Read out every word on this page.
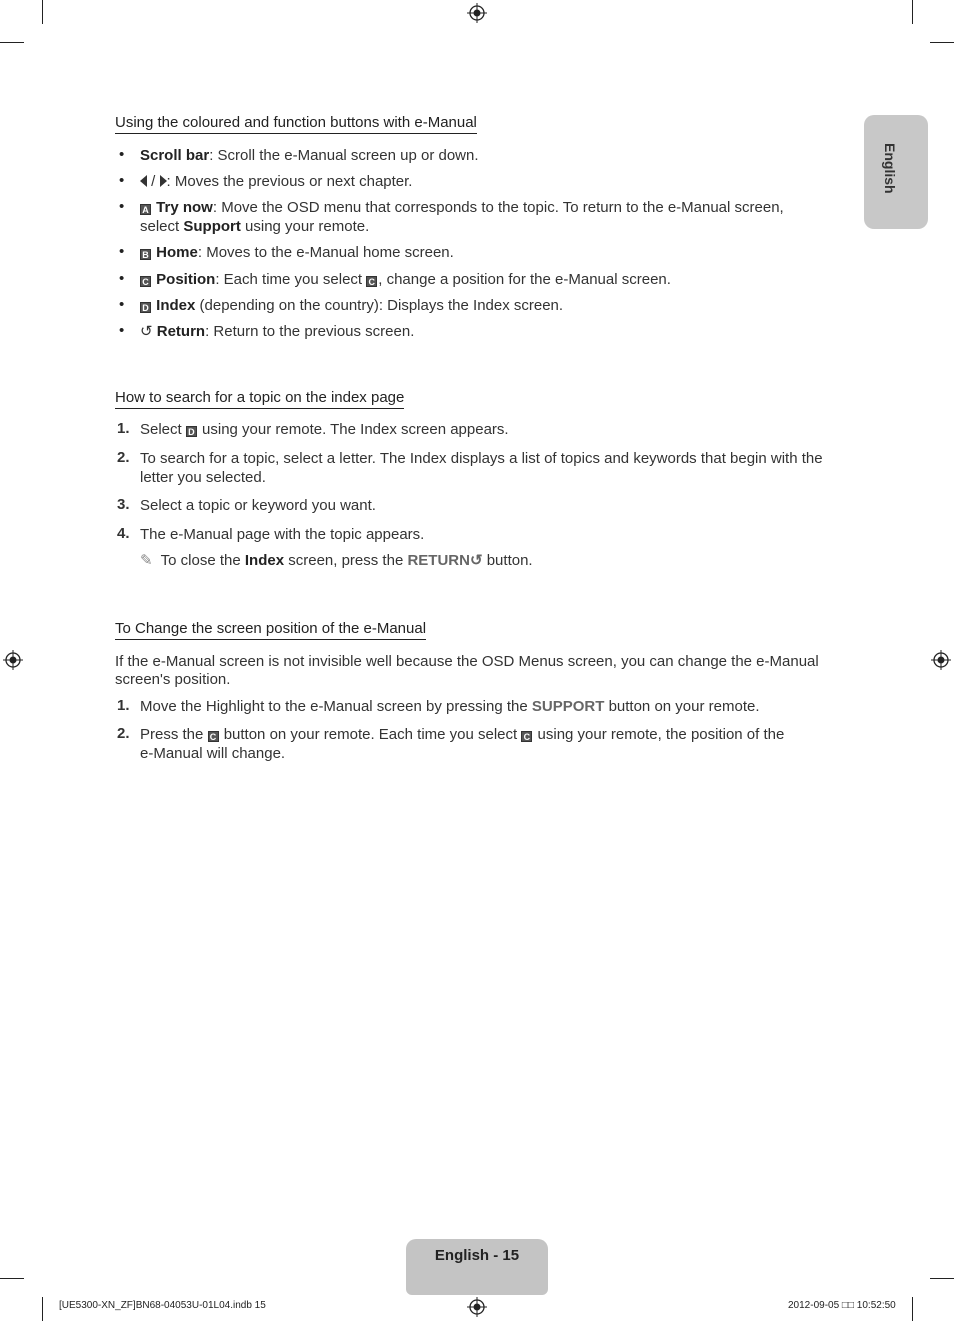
English
Using the coloured and function buttons with e-Manual
• Scroll bar: Scroll the e-Manual screen up or down.
•	/ : Moves the previous or next chapter.
• A Try now: Move the OSD menu that corresponds to the topic. To return to the e-Manual screen,
select Support using your remote.
• B Home: Moves to the e-Manual home screen.
• C Position: Each time you select C , change a position for the e-Manual screen.
• D Index (depending on the country): Displays the Index screen.
• ↺ Return: Return to the previous screen.
How to search for a topic on the index page
1. Select D using your remote. The Index screen appears.
2. To search for a topic, select a letter. The Index displays a list of topics and keywords that begin with the
letter you selected.
3. Select a topic or keyword you want.
4. The e-Manual page with the topic appears.
✎ To close the Index screen, press the RETURN↺ button.
To Change the screen position of the e-Manual
If the e-Manual screen is not invisible well because the OSD Menus screen, you can change the e-Manual
screen's position.
1. Move the Highlight to the e-Manual screen by pressing the SUPPORT button on your remote.
2. Press the C button on your remote. Each time you select C using your remote, the position of the
e-Manual will change.
English - 15
[UE5300-XN_ZF]BN68-04053U-01L04.indb 15	2012-09-05 □□ 10:52:50
